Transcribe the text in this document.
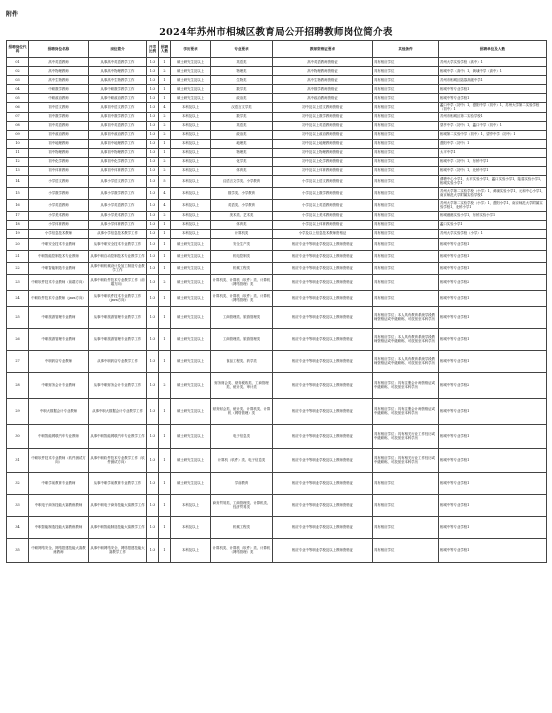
附件
2024年苏州市相城区教育局公开招聘教师岗位简介表
招聘岗位代码	招聘岗位名称	岗位简介	开考比例	招聘人数	学历要求	专业要求	教师资格证要求	其他条件	招聘单位及人数
01	高中英语教师	从事高中英语教学工作	1:3	1	硕士研究生及以上	英语类	高中英语教师资格证	具有相应学位	苏州大学实验学校（高中）1
02	高中物理教师	从事高中物理教学工作	1:3	2	硕士研究生及以上	物理类	高中物理教师资格证	具有相应学位	相城中学（高中）1，黄埭中学（高中）1
03	高中生物教师	从事高中生物教学工作	1:3	1	硕士研究生及以上	生物类	高中生物教师资格证	具有相应学位	苏州市相城区陆慕高级中学1
04	中职数学教师	从事中职数学教学工作	1:3	1	硕士研究生及以上	数学类	高中数学教师资格证	具有相应学位	相城中等专业学校1
05	中职政治教师	从事中职政治教学工作	1:3	1	硕士研究生及以上	政治类	高中政治教师资格证	具有相应学位	相城中等专业学校1
06	初中语文教师	从事初中语文教学工作	1:3	4	本科及以上	汉语言文学类	初中及以上语文教师资格证	具有相应学位	蠡口中学（初中）1，澄阳中学（初中）1，苏州大学第二实验学校（初中）1
07	初中数学教师	从事初中数学教学工作	1:3	2	本科及以上	数学类	初中及以上数学教师资格证	具有相应学位	苏州市相城区第二实验学校1
08	初中英语教师	从事初中英语教学工作	1:3	2	本科及以上	英语类	初中及以上英语教师资格证	具有相应学位	望亭中学（初中）1，蠡口中学（初中）1
09	初中政治教师	从事初中政治教学工作	1:3	2	本科及以上	政治类	初中及以上政治教师资格证	具有相应学位	相城第二实验中学（初中）1，望亭中学（初中）1
10	初中地理教师	从事初中地理教学工作	1:3	1	本科及以上	地理类	初中及以上地理教师资格证	具有相应学位	澄阳中学（初中）1
11	初中物理教师	从事初中物理教学工作	1:3	1	本科及以上	物理类	初中及以上物理教师资格证	具有相应学位	太平中学1
12	初中化学教师	从事初中化学教学工作	1:3	2	本科及以上	化学类	初中及以上化学教师资格证	具有相应学位	相城中学（初中）1，东桥中学1
13	初中体育教师	从事初中体育教学工作	1:3	2	本科及以上	体育类	初中及以上体育教师资格证	具有相应学位	相城中学（初中）1，北桥中学1
14	小学语文教师	从事小学语文教学工作	1:3	5	本科及以上	汉语言文学类、小学教育	小学及以上语文教师资格证	具有相应学位	渭塘中心小学1，太平实验小学1，蠡口实验小学1，陆慕实验小学1，相城实验小学1
15	小学数学教师	从事小学数学教学工作	1:3	4	本科及以上	数学类、小学教育	小学及以上数学教师资格证	具有相应学位	苏州大学第二实验学校（小学）1，黄埭实验小学1，元和中心小学1，南京师范大学附属实验学校1
16	小学英语教师	从事小学英语教学工作	1:3	4	本科及以上	英语类、小学教育	小学及以上英语教师资格证	具有相应学位	苏州大学第二实验学校（小学）1，澄阳小学1，南京师范大学附属实验学校1，北桥小学1
17	小学美术教师	从事小学美术教学工作	1:3	2	本科及以上	美术类、艺术类	小学及以上美术教师资格证	具有相应学位	相城港港实验小学1，东桥实验小学1
18	小学体育教师	从事小学体育教学工作	1:3	1	本科及以上	体育类	小学及以上体育教师资格证	具有相应学位	蠡口实验小学1
19	小学信息技术教师	从事小学信息技术教学工作	1:3	1	本科及以上	计算机类	小学及以上信息技术教师资格证	具有相应学位	苏州大学实验学校（小学）1
20	中职安全技术专业教师	从事中职安全技术专业教学工作	1:3	1	硕士研究生及以上	安全生产类	相应专业中等职业学校及以上教师资格证	具有相应学位	相城中等专业学校1
21	中职智能控制技术专业教师	从事中职自动控制技术专业教学工作	1:3	1	硕士研究生及以上	机电控制类	相应专业中等职业学校及以上教师资格证	具有相应学位	相城中等专业学校1
22	中职智能制造专业教师	从事中职机械设计及加工制造专业教学工作	1:3	1	硕士研究生及以上	机械工程类	相应专业中等职业学校及以上教师资格证	具有相应学位	相城中等专业学校1
23	中职软件技术专业教师（前端方向）	从事中职软件技术专业教学工作（前端方向）	1:3	2	硕士研究生及以上	计算机类、计算机（软件）类、计算机（网络管理）类	相应专业中等职业学校及以上教师资格证	具有相应学位	相城中等专业学校2
24	中职软件技术专业教师（java方向）	从事中职软件技术专业教学工作（java方向）	1:3	1	硕士研究生及以上	计算机类、计算机（软件）类、计算机（网络管理）类	相应专业中等职业学校及以上教师资格证	具有相应学位	相城中等专业学校1
25	中职旅游管理专业教师	从事中职旅游管理专业教学工作	1:3	1	硕士研究生及以上	工商管理类、旅游管理类	相应专业中等职业学校及以上教师资格证	具有相应学位；本人具有教育系统学段教师资格证或中级职称，可放宽至本科学历	相城中等专业学校1
26	中职旅游管理专业教师	从事中职旅游管理专业教学工作	1:3	1	硕士研究生及以上	工商管理类、旅游管理类	相应专业中等职业学校及以上教师资格证	具有相应学位；本人具有教育系统学段教师资格证或中级职称，可放宽至本科学历	相城中等专业学校1
27	中职药店专业教师	从事中职药店专业教学工作	1:3	1	硕士研究生及以上	食品工程类、药学类	相应专业中等职业学校及以上教师资格证	具有相应学位；本人具有教育系统学段教师资格证或中级职称，可放宽至本科学历	相城中等专业学校1
28	中职财务会计专业教师	从事中职财务会计专业教学工作	1:3	2	硕士研究生及以上	财务财会类、财务税收类、工商管理类、统计类、审计类	相应专业中等职业学校及以上教师资格证	具有相应学位；具有注册会计师资格证或中级职称，可放宽至本科学历	相城中等专业学校2
29	中职大数据会计专业教师	从事中职大数据会计专业教学工作	1:3	1	硕士研究生及以上	财务财会类、统计类、计算机类、计算机（网络管理）类	相应专业中等职业学校及以上教师资格证	具有相应学位；具有注册会计师资格证或中级职称，可放宽至本科学历	相城中等专业学校1
30	中职智能网联汽车专业教师	从事中职智能网联汽车专业教学工作	1:3	1	硕士研究生及以上	电子信息类	相应专业中等职业学校及以上教师资格证	具有相应学位；具有相关行业工作经历或中级职称，可放宽至本科学历	相城中等专业学校1
31	中职软件技术专业教师（软件测试方向）	从事中职软件技术专业教学工作（软件测试方向）	1:3	1	硕士研究生及以上	计算机（软件）类、电子信息类	相应专业中等职业学校及以上教师资格证	具有相应学位；具有相关行业工作经历或中级职称，可放宽至本科学历	相城中等专业学校1
32	中职学前教育专业教师	从事中职学前教育专业教学工作	1:3	1	硕士研究生及以上	学前教育	相应专业中等职业学校及以上教师资格证	具有相应学位	相城中等专业学校1
33	中职电子商务技能大赛教练教师	从事中职电子商务技能大赛教学工作	1:3	1	本科及以上	商务贸易类、工商管理类、计算机类、经济贸易类	相应专业中等职业学校及以上教师资格证	具有相应学位	相城中等专业学校1
34	中职智能制造技能大赛教练教师	从事中职智能制造技能大赛教学工作	1:3	1	本科及以上	机械工程类	相应专业中等职业学校及以上教师资格证	具有相应学位	相城中等专业学校1
35	中职网络安全、网络搭建技能大赛教练教师	从事中职网络安全、网络搭建技能大赛教学工作	1:3	1	本科及以上	计算机类、计算机（软件）类、计算机（网络管理）类	相应专业中等职业学校及以上教师资格证	具有相应学位	相城中等专业学校1
